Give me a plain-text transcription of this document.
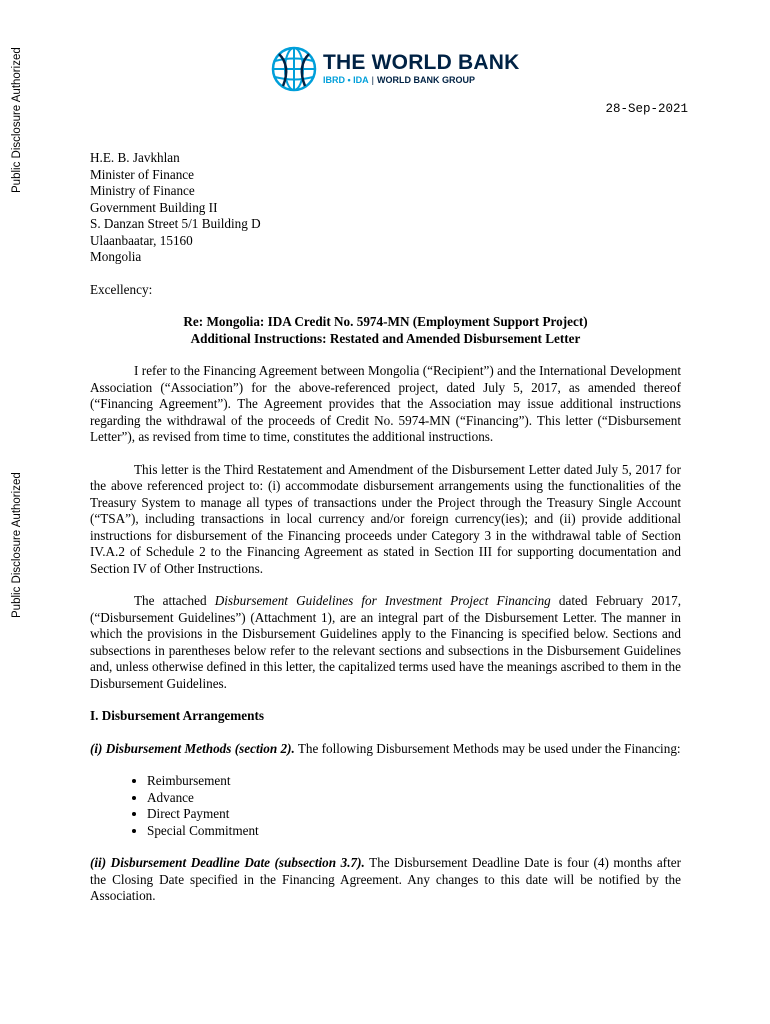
Public Disclosure Authorized
Public Disclosure Authorized
THE WORLD BANK
IBRD • IDA | WORLD BANK GROUP
28-Sep-2021
H.E. B. Javkhlan
Minister of Finance
Ministry of Finance
Government Building II
S. Danzan Street 5/1 Building D
Ulaanbaatar, 15160
Mongolia
Excellency:
Re: Mongolia: IDA Credit No. 5974-MN (Employment Support Project)
Additional Instructions: Restated and Amended Disbursement Letter

I refer to the Financing Agreement between Mongolia (“Recipient”) and the International Development Association (“Association”) for the above-referenced project, dated July 5, 2017, as amended thereof (“Financing Agreement”). The Agreement provides that the Association may issue additional instructions regarding the withdrawal of the proceeds of Credit No. 5974-MN (“Financing”). This letter (“Disbursement Letter”), as revised from time to time, constitutes the additional instructions.

This letter is the Third Restatement and Amendment of the Disbursement Letter dated July 5, 2017 for the above referenced project to: (i) accommodate disbursement arrangements using the functionalities of the Treasury System to manage all types of transactions under the Project through the Treasury Single Account (“TSA”), including transactions in local currency and/or foreign currency(ies); and (ii) provide additional instructions for disbursement of the Financing proceeds under Category 3 in the withdrawal table of Section IV.A.2 of Schedule 2 to the Financing Agreement as stated in Section III for supporting documentation and Section IV of Other Instructions.

The attached Disbursement Guidelines for Investment Project Financing dated February 2017, (“Disbursement Guidelines”) (Attachment 1), are an integral part of the Disbursement Letter. The manner in which the provisions in the Disbursement Guidelines apply to the Financing is specified below. Sections and subsections in parentheses below refer to the relevant sections and subsections in the Disbursement Guidelines and, unless otherwise defined in this letter, the capitalized terms used have the meanings ascribed to them in the Disbursement Guidelines.

I. Disbursement Arrangements
(i) Disbursement Methods (section 2). The following Disbursement Methods may be used under the Financing:
• Reimbursement
• Advance
• Direct Payment
• Special Commitment
(ii) Disbursement Deadline Date (subsection 3.7). The Disbursement Deadline Date is four (4) months after the Closing Date specified in the Financing Agreement. Any changes to this date will be notified by the Association.
